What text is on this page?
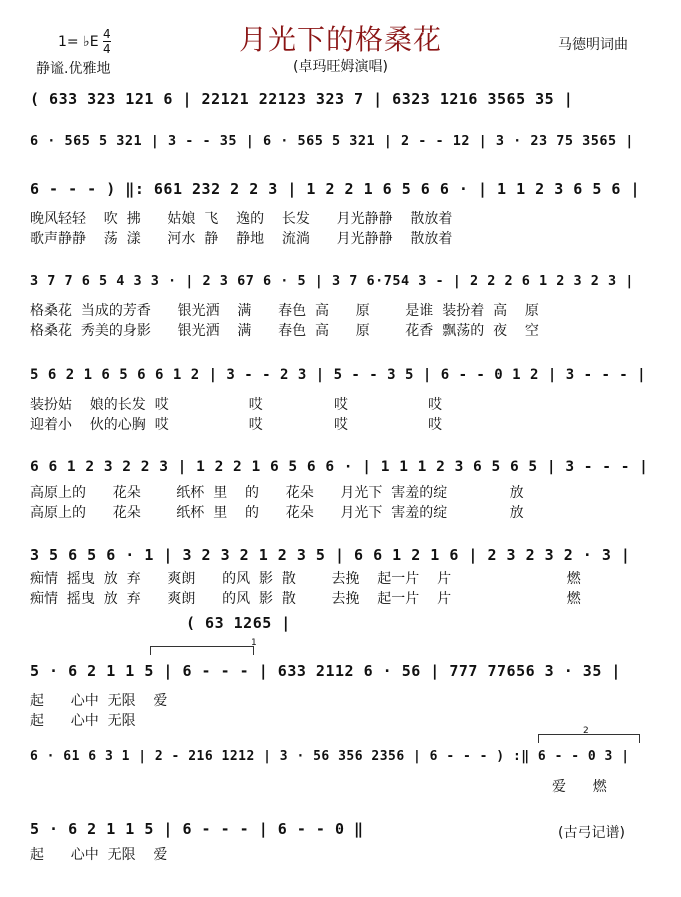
1= ♭E 4
4	月光下的格桑花	马德明词曲
静谧.优雅地	(卓玛旺姆演唱)
( 633 323 121 6 | 22121 22123 323 7 | 6323 1216 3565 35 |
6 · 565 5 321 | 3 - - 35 | 6 · 565 5 321 | 2 - - 12 | 3 · 23 75 3565 |
6 - - - ) ‖: 661 232 2 2 3 | 1 2 2 1 6 5 6 6 · | 1 1 2 3 6 5 6 |
晚风轻轻    吹  拂      姑娘  飞    逸的    长发      月光静静    散放着
歌声静静    荡  漾      河水  静    静地    流淌      月光静静    散放着
3 7 7 6 5 4 3 3 · | 2 3 67 6 · 5 | 3 7 6·754 3 - | 2 2 2 6 1 2 3 2 3 |
格桑花  当成的芳香      银光洒    满      春色  高      原        是谁  装扮着  高    原
格桑花  秀美的身影      银光洒    满      春色  高      原        花香  飘荡的  夜    空
5 6 2 1 6 5 6 6 1 2 | 3 - - 2 3 | 5 - - 3 5 | 6 - - 0 1 2 | 3 - - - |
装扮姑    娘的长发  哎                  哎                哎                  哎
迎着小    伙的心胸  哎                  哎                哎                  哎
6 6 1 2 3 2 2 3 | 1 2 2 1 6 5 6 6 · | 1 1 1 2 3 6 5 6 5 | 3 - - - |
高原上的      花朵        纸杯  里    的      花朵      月光下  害羞的绽              放
高原上的      花朵        纸杯  里    的      花朵      月光下  害羞的绽              放
3 5 6 5 6 · 1 | 3 2 3 2 1 2 3 5 | 6 6 1 2 1 6 | 2 3 2 3 2 · 3 |
痴情  摇曳  放  弃      爽朗      的风  影  散        去挽    起一片    片                          燃
痴情  摇曳  放  弃      爽朗      的风  影  散        去挽    起一片    片                          燃
( 63 1265 |
1
5 · 6 2 1 1 5 | 6 - - - | 633 2112 6 · 56 | 777 77656 3 · 35 |
起      心中  无限    爱
起      心中  无限
2
6 · 61 6 3 1 | 2 - 216 1212 | 3 · 56 356 2356 | 6 - - - ) :‖ 6 - - 0 3 |
爱      燃
5 · 6 2 1 1 5 | 6 - - - | 6 - - 0 ‖
起      心中  无限    爱
(古弓记谱)
